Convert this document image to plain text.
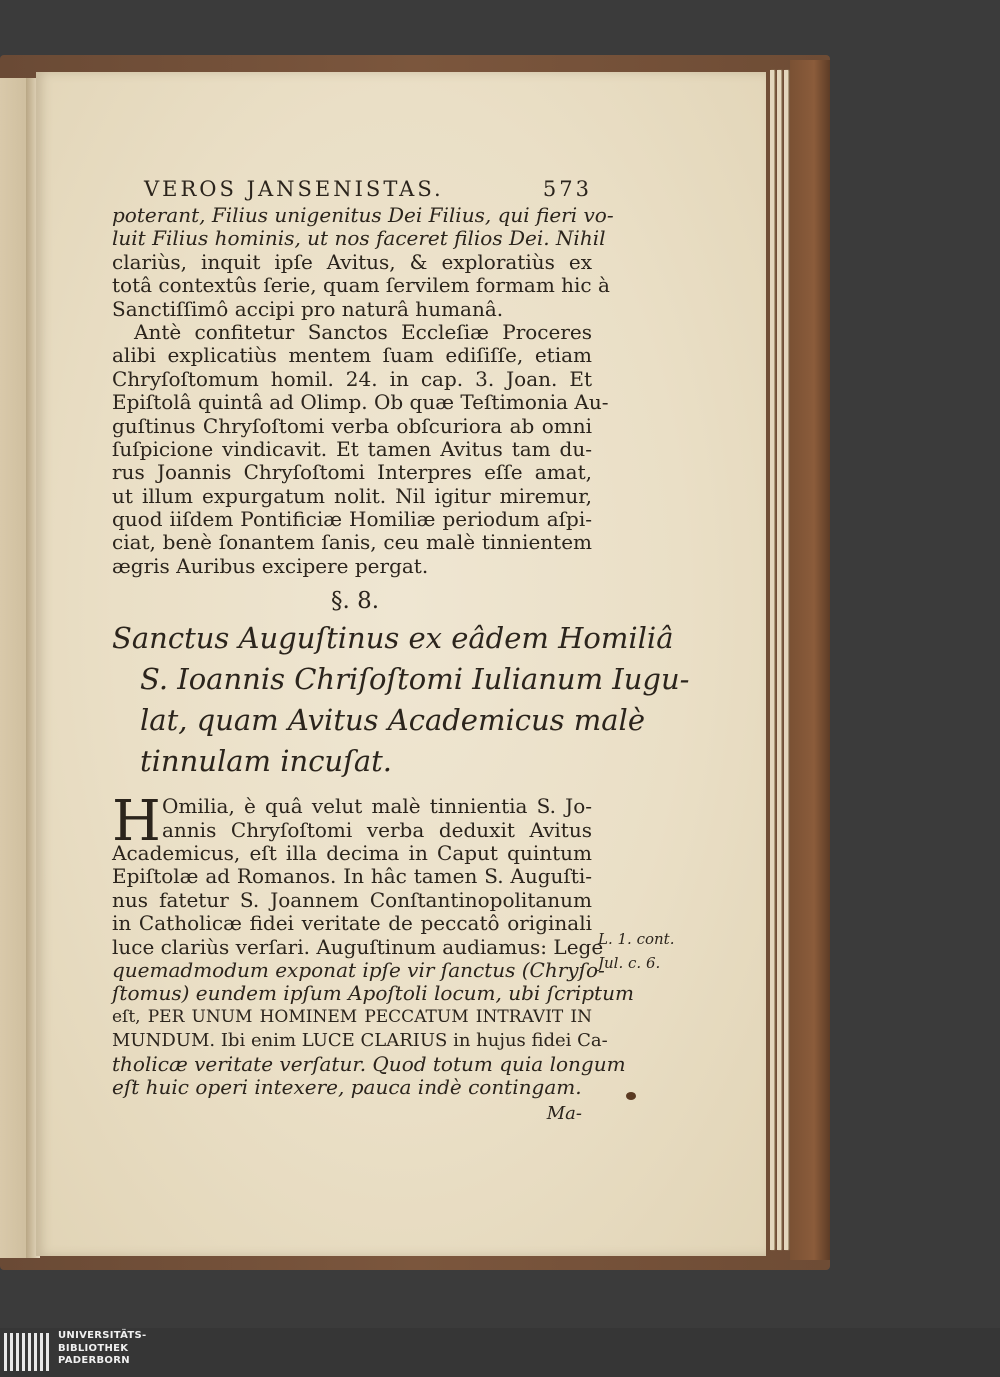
VEROS JANSENISTAS.	573
poterant, Filius unigenitus Dei Filius, qui fieri vo-
luit Filius hominis, ut nos faceret filios Dei. Nihil
clariùs, inquit ipſe Avitus, & exploratiùs ex
totâ contextûs ſerie, quam ſervilem formam hic à
Sanctiſſimô accipi pro naturâ humanâ.
Antè confitetur Sanctos Eccleſiæ Proceres
alibi explicatiùs mentem ſuam ediſiſſe, etiam
Chryſoſtomum homil. 24. in cap. 3. Joan. Et
Epiſtolâ quintâ ad Olimp. Ob quæ Teſtimonia Au-
guſtinus Chryſoſtomi verba obſcuriora ab omni
ſuſpicione vindicavit. Et tamen Avitus tam du-
rus Joannis Chryſoſtomi Interpres eſſe amat,
ut illum expurgatum nolit. Nil igitur miremur,
quod iiſdem Pontificiæ Homiliæ periodum aſpi-
ciat, benè ſonantem ſanis, ceu malè tinnientem
ægris Auribus excipere pergat.
§. 8.
Sanctus Auguſtinus ex eâdem Homiliâ
S. Ioannis Chriſoſtomi Iulianum Iugu-
lat, quam Avitus Academicus malè
tinnulam incuſat.
H Omilia, è quâ velut malè tinnientia S. Jo-
annis Chryſoſtomi verba deduxit Avitus
Academicus, eſt illa decima in Caput quintum
Epiſtolæ ad Romanos. In hâc tamen S. Auguſti-
nus fatetur S. Joannem Conſtantinopolitanum
in Catholicæ fidei veritate de peccatô originali
luce clariùs verſari. Auguſtinum audiamus: Lege
quemadmodum exponat ipſe vir ſanctus (Chryſo-
ſtomus) eundem ipſum Apoſtoli locum, ubi ſcriptum
eſt, PER UNUM HOMINEM PECCATUM INTRAVIT IN
MUNDUM. Ibi enim LUCE CLARIUS in hujus fidei Ca-
tholicæ veritate verſatur. Quod totum quia longum
eſt huic operi intexere, pauca indè contingam.
Ma-
L. 1. cont.
Jul. c. 6.
UNIVERSITÄTS-
BIBLIOTHEK
PADERBORN
